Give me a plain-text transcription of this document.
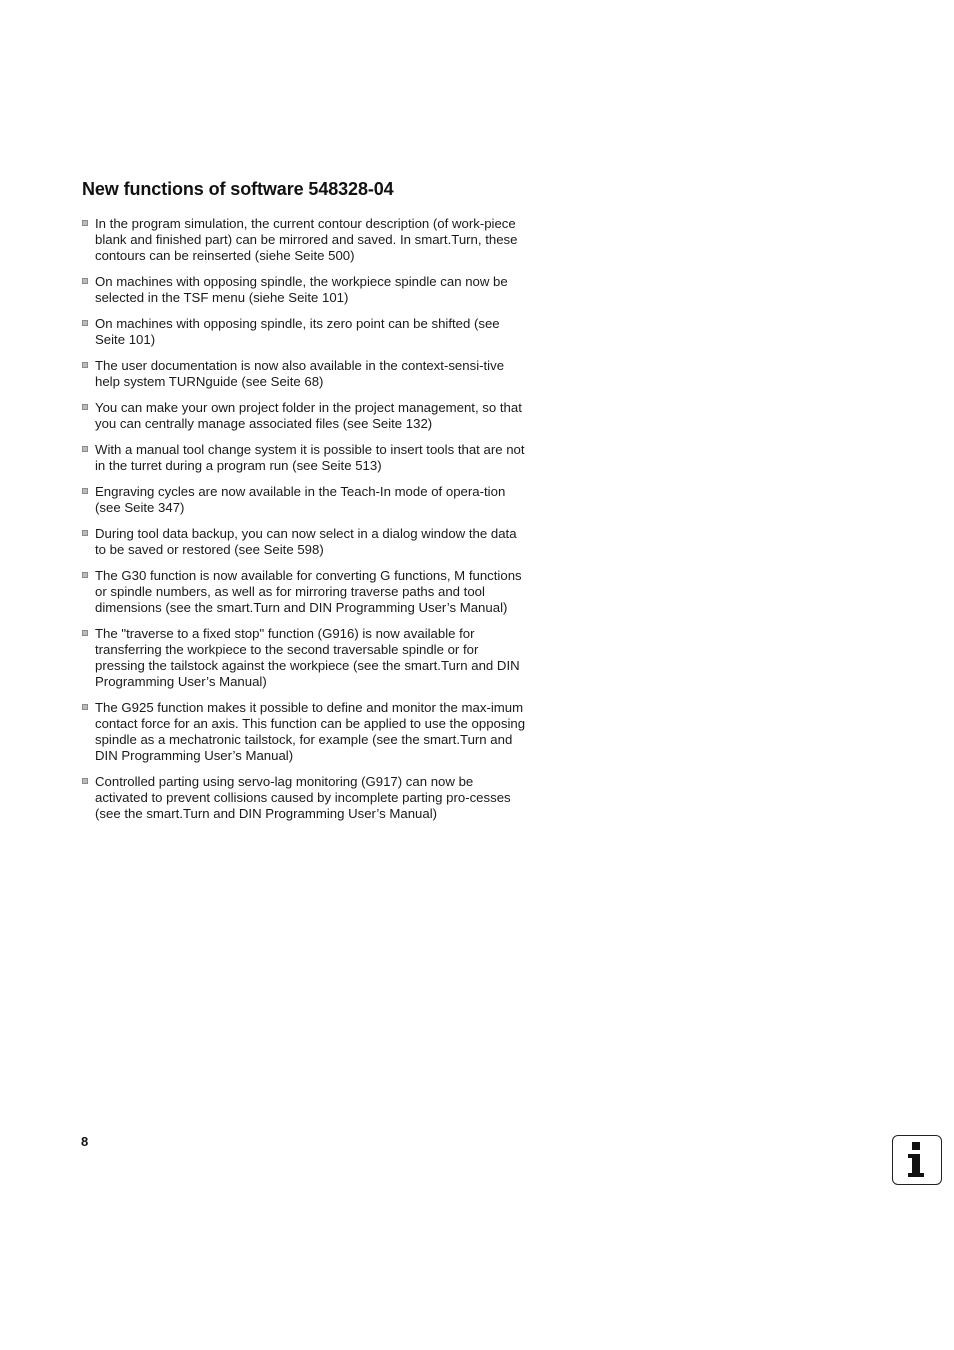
New functions of software 548328-04
In the program simulation, the current contour description (of work-piece blank and finished part) can be mirrored and saved. In smart.Turn, these contours can be reinserted (siehe Seite 500)
On machines with opposing spindle, the workpiece spindle can now be selected in the TSF menu (siehe Seite 101)
On machines with opposing spindle, its zero point can be shifted (see Seite 101)
The user documentation is now also available in the context-sensi-tive help system TURNguide (see Seite 68)
You can make your own project folder in the project management, so that you can centrally manage associated files (see Seite 132)
With a manual tool change system it is possible to insert tools that are not in the turret during a program run (see Seite 513)
Engraving cycles are now available in the Teach-In mode of opera-tion (see Seite 347)
During tool data backup, you can now select in a dialog window the data to be saved or restored (see Seite 598)
The G30 function is now available for converting G functions, M functions or spindle numbers, as well as for mirroring traverse paths and tool dimensions (see the smart.Turn and DIN Programming User’s Manual)
The "traverse to a fixed stop" function (G916) is now available for transferring the workpiece to the second traversable spindle or for pressing the tailstock against the workpiece (see the smart.Turn and DIN Programming User’s Manual)
The G925 function makes it possible to define and monitor the max-imum contact force for an axis. This function can be applied to use the opposing spindle as a mechatronic tailstock, for example (see the smart.Turn and DIN Programming User’s Manual)
Controlled parting using servo-lag monitoring (G917) can now be activated to prevent collisions caused by incomplete parting pro-cesses (see the smart.Turn and DIN Programming User’s Manual)
8
